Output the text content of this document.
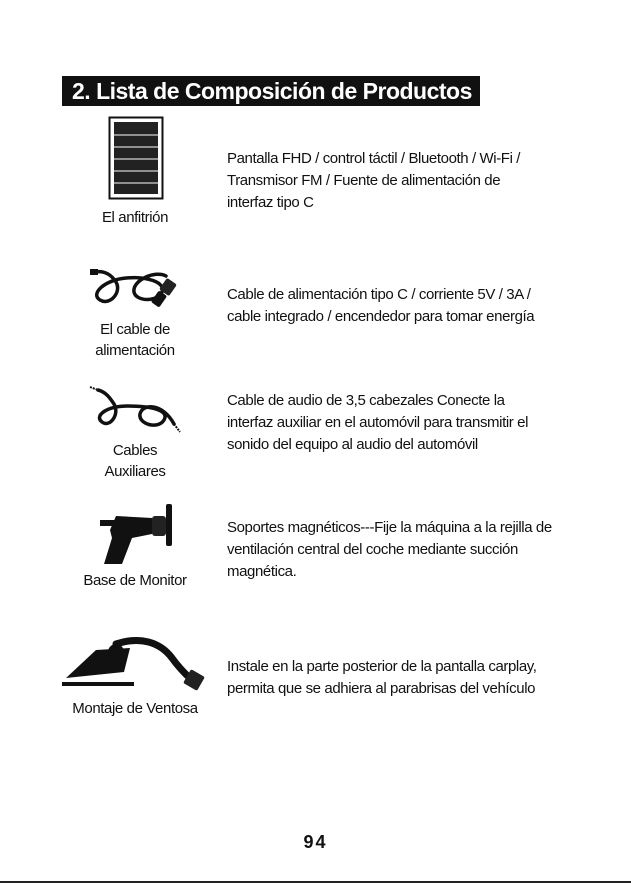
2. Lista de Composición de Productos
El anfitrión
Pantalla FHD / control táctil / Bluetooth / Wi-Fi /
Transmisor FM / Fuente de alimentación de
interfaz tipo C
El cable de
alimentación
Cable de alimentación tipo C / corriente 5V / 3A /
cable integrado / encendedor para tomar energía
Cables
Auxiliares
Cable de audio de 3,5 cabezales Conecte la
interfaz auxiliar en el automóvil para transmitir el
sonido del equipo al audio del automóvil
Base de Monitor
Soportes magnéticos---Fije la máquina a la rejilla de
ventilación central del coche mediante succión
magnética.
Montaje de Ventosa
Instale en la parte posterior de la pantalla carplay,
permita que se adhiera al parabrisas del vehículo
94
